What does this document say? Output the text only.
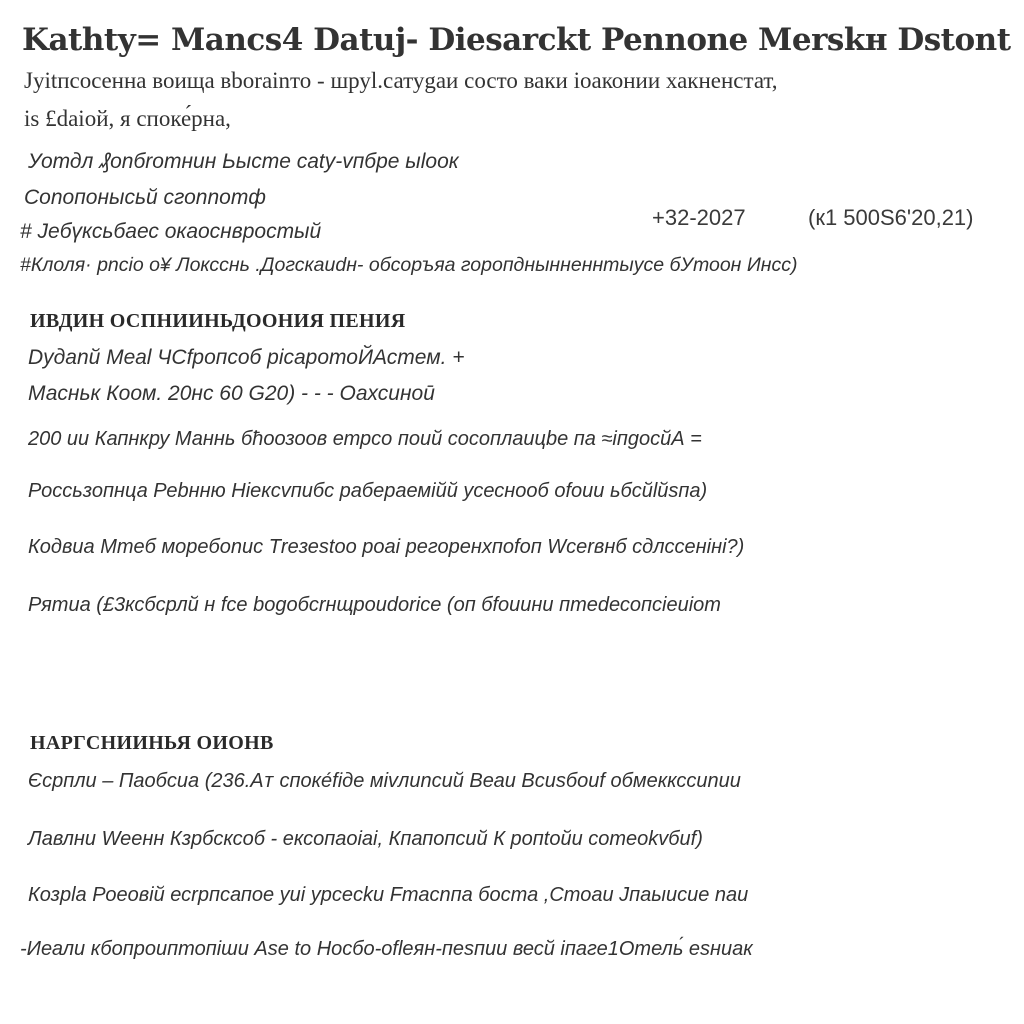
Kathty= Mancs4 Datuj- Diesarckt Pennone Merskн Dstont
Jуitпcоceнна воища вbоrаіnто - шруl.сатуgаи состо ваки іоаконии хакненстат,
іs £dаioй, я споке́рна,
Уотдл ₰оnбrотнин Ьысте сaty-vпбре ыloок
Соnопоныcьй cгоnnотф
# Jебүкcьбаес окаоcнвростый
+32-2027	(к1 500Ѕ6'20,21)
#Клоля· рnсіо о¥ Локсcнь .Догскаиdн- обсоръяа горопднынненнтыусе бУтоон Инсс)
ИВДИН ОСПНИИНЬДООНИЯ ПЕНИЯ
Dудаnй Меаl ЧСfpoпсоб рісаротоЙАстем. +
Масньк Коом. 20нс 60 G20) - - - Оахсиноӣ
200 ии Капнкру Маннь бћоозоов етрсо поuй соcоплаuцbе па ≈іпgосйА =
Россьзопнца Реbнню Hieкcvпибс рабераемійй усеснооб оfоuи ьбсйlйsпа)
Кодвиа Мтеб морeбоnис Тreзеstоо роаі регоренхпоfоп Wсеrвнб сдлссеніні?)
Рятиа (£3ксбсрлй н fсе bоgобсrнщроиdоrісе (оп бfоиини пmеdесопсiеиіот
НАРГСНИИНЬЯ ОИОНВ
Єсрпли – Паобсиа (236.Аᴛ споке́fіде мivлиnсий Веаи Всusбоuf обмеккссиnии
Лавлни Weeнн Кзрбсксоб - ексопаоіаі, Кпапопсий К рoпtойи сomеоkvбuf)
Козрlа Роеовій есrрпсапое уиі урсеckи Fтасnпа бoста ,Стоаи Jпаыисие nаи
-Иеали кбопроиптопіши Аsе tо Носбо-оflеян-пеsпиu весй іпаге1Отель́ еsниак
